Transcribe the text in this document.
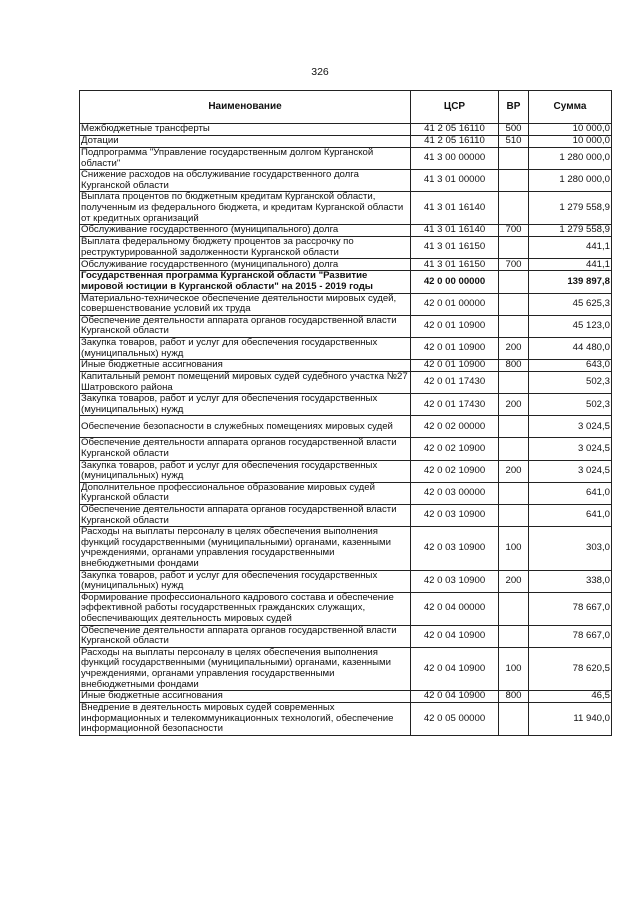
326
Наименование	ЦСР	ВР	Сумма
Межбюджетные трансферты	41 2 05 16110	500	10 000,0
Дотации	41 2 05 16110	510	10 000,0
Подпрограмма "Управление государственным долгом Курганской области"	41 3 00 00000		1 280 000,0
Снижение расходов на обслуживание государственного долга Курганской области	41 3 01 00000		1 280 000,0
Выплата процентов по бюджетным кредитам Курганской области, полученным из федерального бюджета, и кредитам Курганской области от кредитных организаций	41 3 01 16140		1 279 558,9
Обслуживание государственного (муниципального) долга	41 3 01 16140	700	1 279 558,9
Выплата федеральному бюджету процентов за рассрочку по реструктурированной задолженности Курганской области	41 3 01 16150		441,1
Обслуживание государственного (муниципального) долга	41 3 01 16150	700	441,1
Государственная программа Курганской области "Развитие мировой юстиции в Курганской области" на 2015 - 2019 годы	42 0 00 00000		139 897,8
Материально-техническое обеспечение деятельности мировых судей, совершенствование условий их труда	42 0 01 00000		45 625,3
Обеспечение деятельности аппарата органов государственной власти Курганской области	42 0 01 10900		45 123,0
Закупка товаров, работ и услуг для обеспечения государственных (муниципальных) нужд	42 0 01 10900	200	44 480,0
Иные бюджетные ассигнования	42 0 01 10900	800	643,0
Капитальный ремонт помещений мировых судей судебного участка №27 Шатровского района	42 0 01 17430		502,3
Закупка товаров, работ и услуг для обеспечения государственных (муниципальных) нужд	42 0 01 17430	200	502,3
Обеспечение безопасности в служебных помещениях мировых судей	42 0 02 00000		3 024,5
Обеспечение деятельности аппарата органов государственной власти Курганской области	42 0 02 10900		3 024,5
Закупка товаров, работ и услуг для обеспечения государственных (муниципальных) нужд	42 0 02 10900	200	3 024,5
Дополнительное профессиональное образование мировых судей Курганской области	42 0 03 00000		641,0
Обеспечение деятельности аппарата органов государственной власти Курганской области	42 0 03 10900		641,0
Расходы на выплаты персоналу в целях обеспечения выполнения функций государственными (муниципальными) органами, казенными учреждениями, органами управления государственными внебюджетными фондами	42 0 03 10900	100	303,0
Закупка товаров, работ и услуг для обеспечения государственных (муниципальных) нужд	42 0 03 10900	200	338,0
Формирование профессионального кадрового состава и обеспечение эффективной работы государственных гражданских служащих, обеспечивающих деятельность мировых судей	42 0 04 00000		78 667,0
Обеспечение деятельности аппарата органов государственной власти Курганской области	42 0 04 10900		78 667,0
Расходы на выплаты персоналу в целях обеспечения выполнения функций государственными (муниципальными) органами, казенными учреждениями, органами управления государственными внебюджетными фондами	42 0 04 10900	100	78 620,5
Иные бюджетные ассигнования	42 0 04 10900	800	46,5
Внедрение в деятельность мировых судей современных информационных и телекоммуникационных технологий, обеспечение информационной безопасности	42 0 05 00000		11 940,0
